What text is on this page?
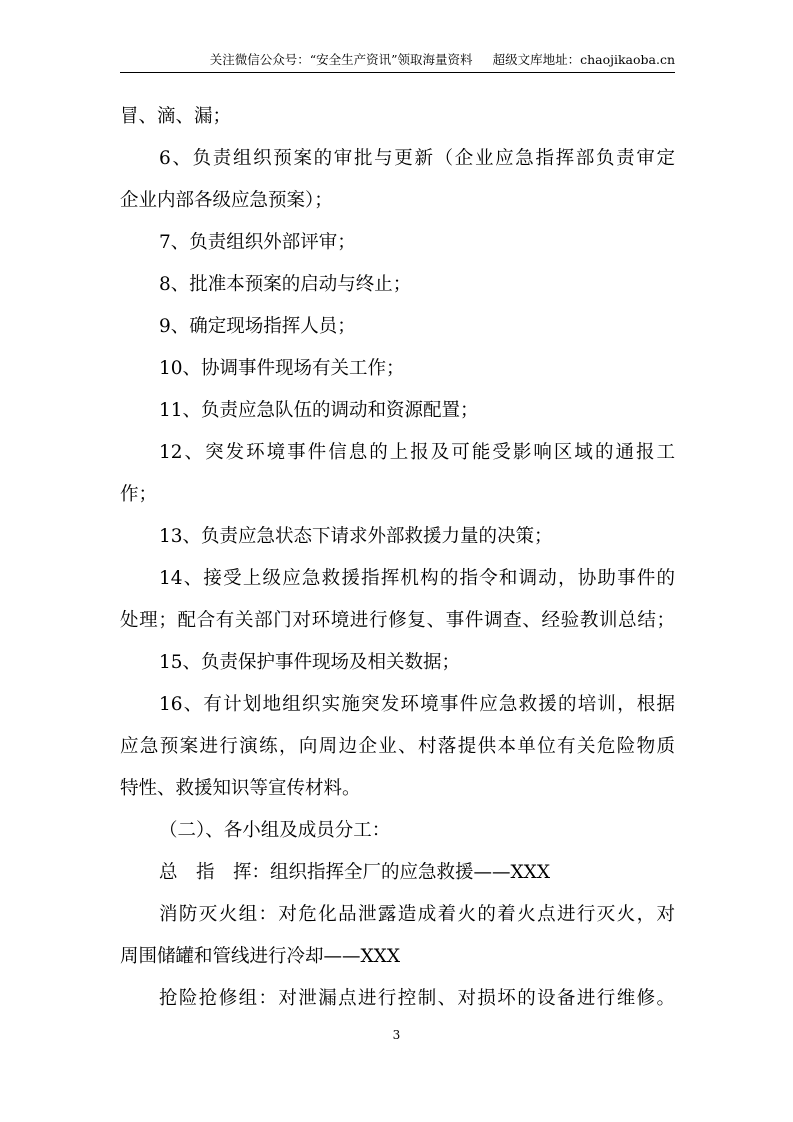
关注微信公众号：“安全生产资讯”领取海量资料 超级文库地址：chaojikaoba.cn
冒、滴、漏；
6、负责组织预案的审批与更新（企业应急指挥部负责审定
企业内部各级应急预案）；
7、负责组织外部评审；
8、批准本预案的启动与终止；
9、确定现场指挥人员；
10、协调事件现场有关工作；
11、负责应急队伍的调动和资源配置；
12、突发环境事件信息的上报及可能受影响区域的通报工
作；
13、负责应急状态下请求外部救援力量的决策；
14、接受上级应急救援指挥机构的指令和调动，协助事件的
处理；配合有关部门对环境进行修复、事件调查、经验教训总结；
15、负责保护事件现场及相关数据；
16、有计划地组织实施突发环境事件应急救援的培训，根据
应急预案进行演练，向周边企业、村落提供本单位有关危险物质
特性、救援知识等宣传材料。
（二）、各小组及成员分工：
总　指　挥：组织指挥全厂的应急救援——XXX
消防灭火组：对危化品泄露造成着火的着火点进行灭火，对
周围储罐和管线进行冷却——XXX
抢险抢修组：对泄漏点进行控制、对损坏的设备进行维修。
3
